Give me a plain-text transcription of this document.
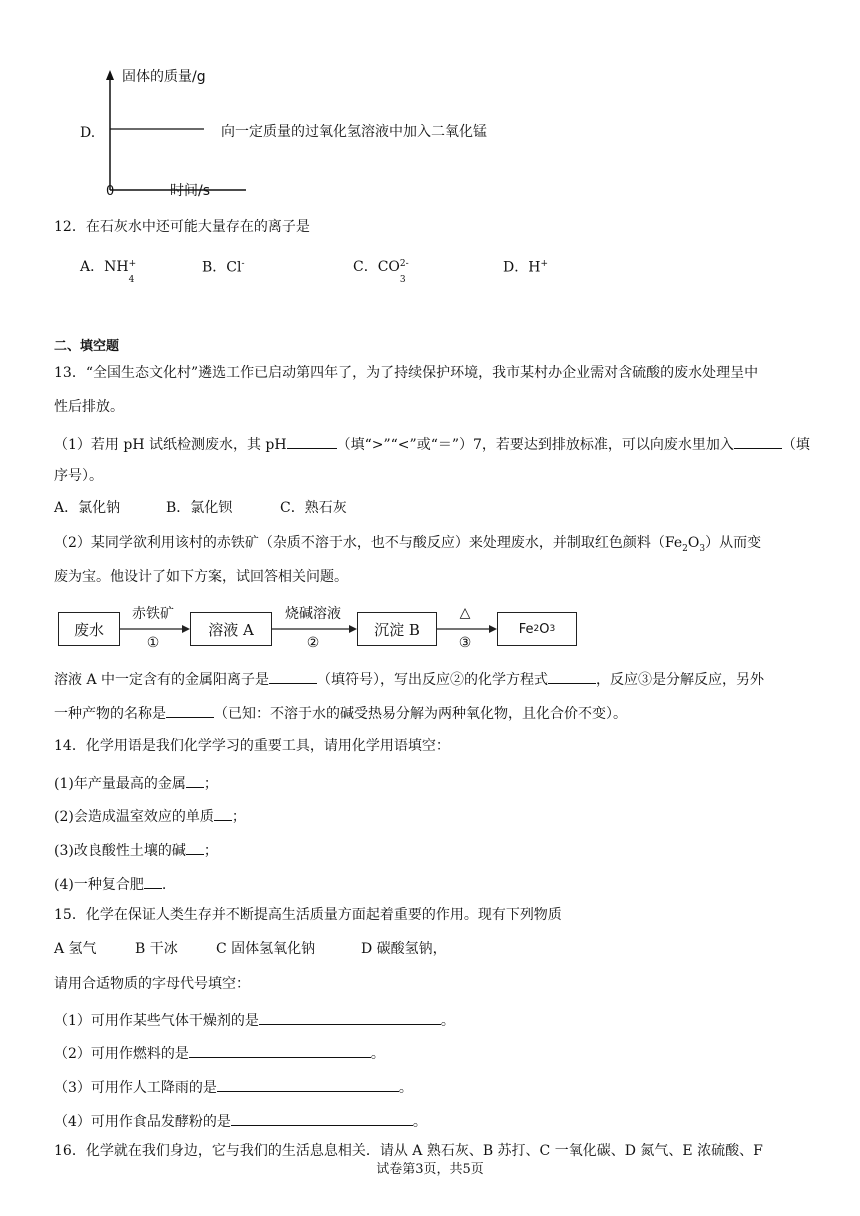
D.
固体的质量/g
0	时间/s
向一定质量的过氧化氢溶液中加入二氧化锰
12．在石灰水中还可能大量存在的离子是
A．NH +
4
B．Cl-	C．CO 2-
3
D．H+
二、填空题
13．“全国生态文化村”遴选工作已启动第四年了，为了持续保护环境，我市某村办企业需对含硫酸的废水处理呈中
性后排放。
（1）若用 pH 试纸检测废水，其 pH	（填“>”“<”或“＝”）7，若要达到排放标准，可以向废水里加入	（填
序号）。
A．氯化钠	B．氯化钡	C．熟石灰
（2）某同学欲利用该村的赤铁矿（杂质不溶于水，也不与酸反应）来处理废水，并制取红色颜料$(Fe_2O_3)$从而变
废为宝。他设计了如下方案，试回答相关问题。
废水	溶液 A	沉淀 B	Fe 2 O 3
赤铁矿
①
烧碱溶液
②
△
③
溶液 A 中一定含有的金属阳离子是	（填符号），写出反应②的化学方程式	，反应③是分解反应，另外
一种产物的名称是	（已知：不溶于水的碱受热易分解为两种氧化物，且化合价不变）。
14．化学用语是我们化学学习的重要工具，请用化学用语填空：
(1)年产量最高的金属 ；
(2)会造成温室效应的单质 ；
(3)改良酸性土壤的碱 ；
(4)一种复合肥 .
15．化学在保证人类生存并不断提高生活质量方面起着重要的作用。现有下列物质
A 氢气	B 干冰	C 固体氢氧化钠	D 碳酸氢钠，
请用合适物质的字母代号填空：
（1）可用作某些气体干燥剂的是	。
（2）可用作燃料的是	。
（3）可用作人工降雨的是	。
（4）可用作食品发酵粉的是	。
16．化学就在我们身边，它与我们的生活息息相关．请从 A 熟石灰、B 苏打、C 一氧化碳、D 氮气、E 浓硫酸、F
试卷第3页，共5页
